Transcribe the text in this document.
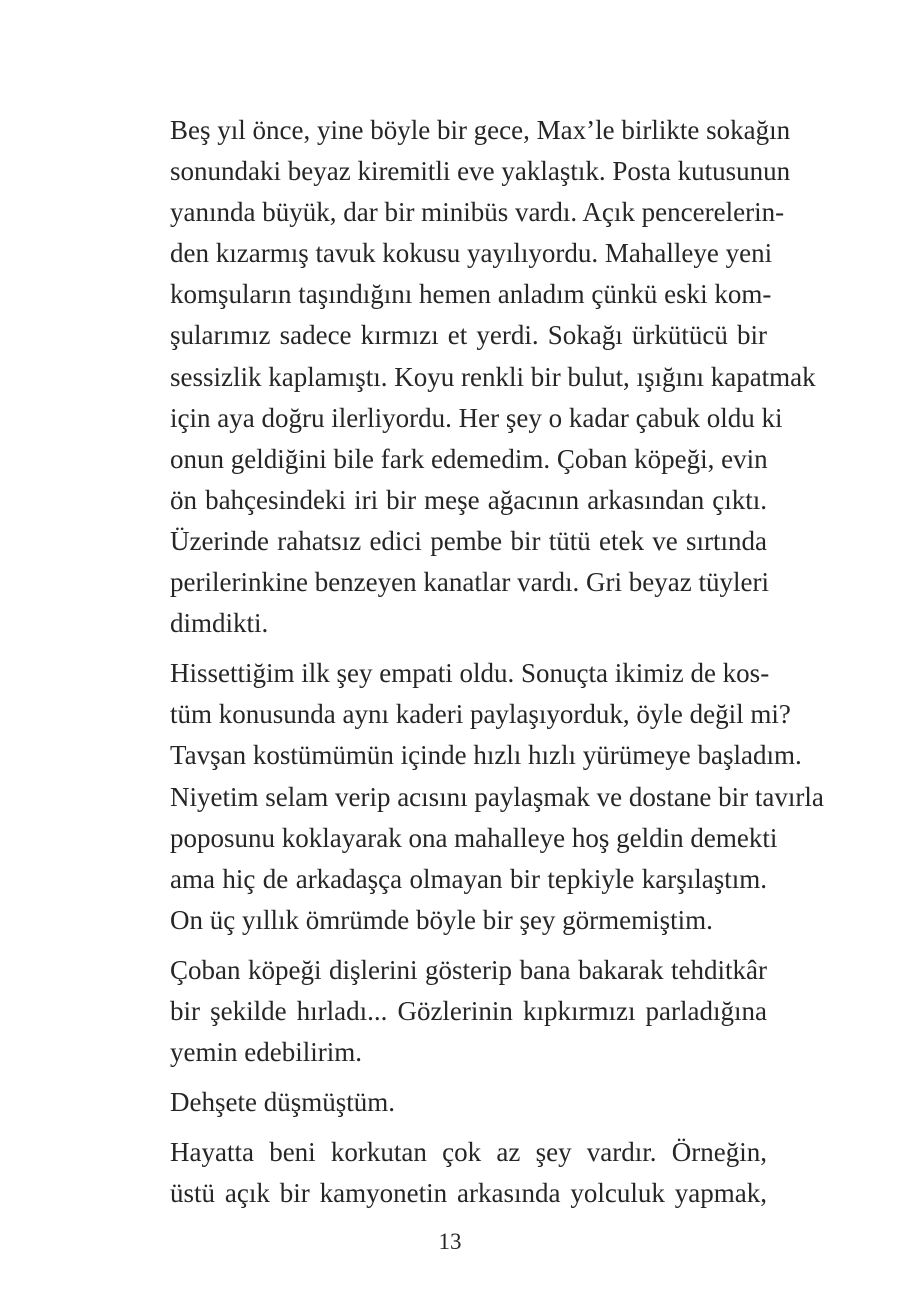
Beş yıl önce, yine böyle bir gece, Max’le birlikte sokağın
sonundaki beyaz kiremitli eve yaklaştık. Posta kutusunun
yanında büyük, dar bir minibüs vardı. Açık pencerelerin-
den kızarmış tavuk kokusu yayılıyordu. Mahalleye yeni
komşuların taşındığını hemen anladım çünkü eski kom-
şularımız sadece kırmızı et yerdi. Sokağı ürkütücü bir
sessizlik kaplamıştı. Koyu renkli bir bulut, ışığını kapatmak
için aya doğru ilerliyordu. Her şey o kadar çabuk oldu ki
onun geldiğini bile fark edemedim. Çoban köpeği, evin
ön bahçesindeki iri bir meşe ağacının arkasından çıktı.
Üzerinde rahatsız edici pembe bir tütü etek ve sırtında
perilerinkine benzeyen kanatlar vardı. Gri beyaz tüyleri
dimdikti.

Hissettiğim ilk şey empati oldu. Sonuçta ikimiz de kos-
tüm konusunda aynı kaderi paylaşıyorduk, öyle değil mi?
Tavşan kostümümün içinde hızlı hızlı yürümeye başladım.
Niyetim selam verip acısını paylaşmak ve dostane bir tavırla
poposunu koklayarak ona mahalleye hoş geldin demekti
ama hiç de arkadaşça olmayan bir tepkiyle karşılaştım.
On üç yıllık ömrümde böyle bir şey görmemiştim.

Çoban köpeği dişlerini gösterip bana bakarak tehditkâr
bir şekilde hırladı... Gözlerinin kıpkırmızı parladığına
yemin edebilirim.

Dehşete düşmüştüm.

Hayatta beni korkutan çok az şey vardır. Örneğin,
üstü açık bir kamyonetin arkasında yolculuk yapmak,

13
